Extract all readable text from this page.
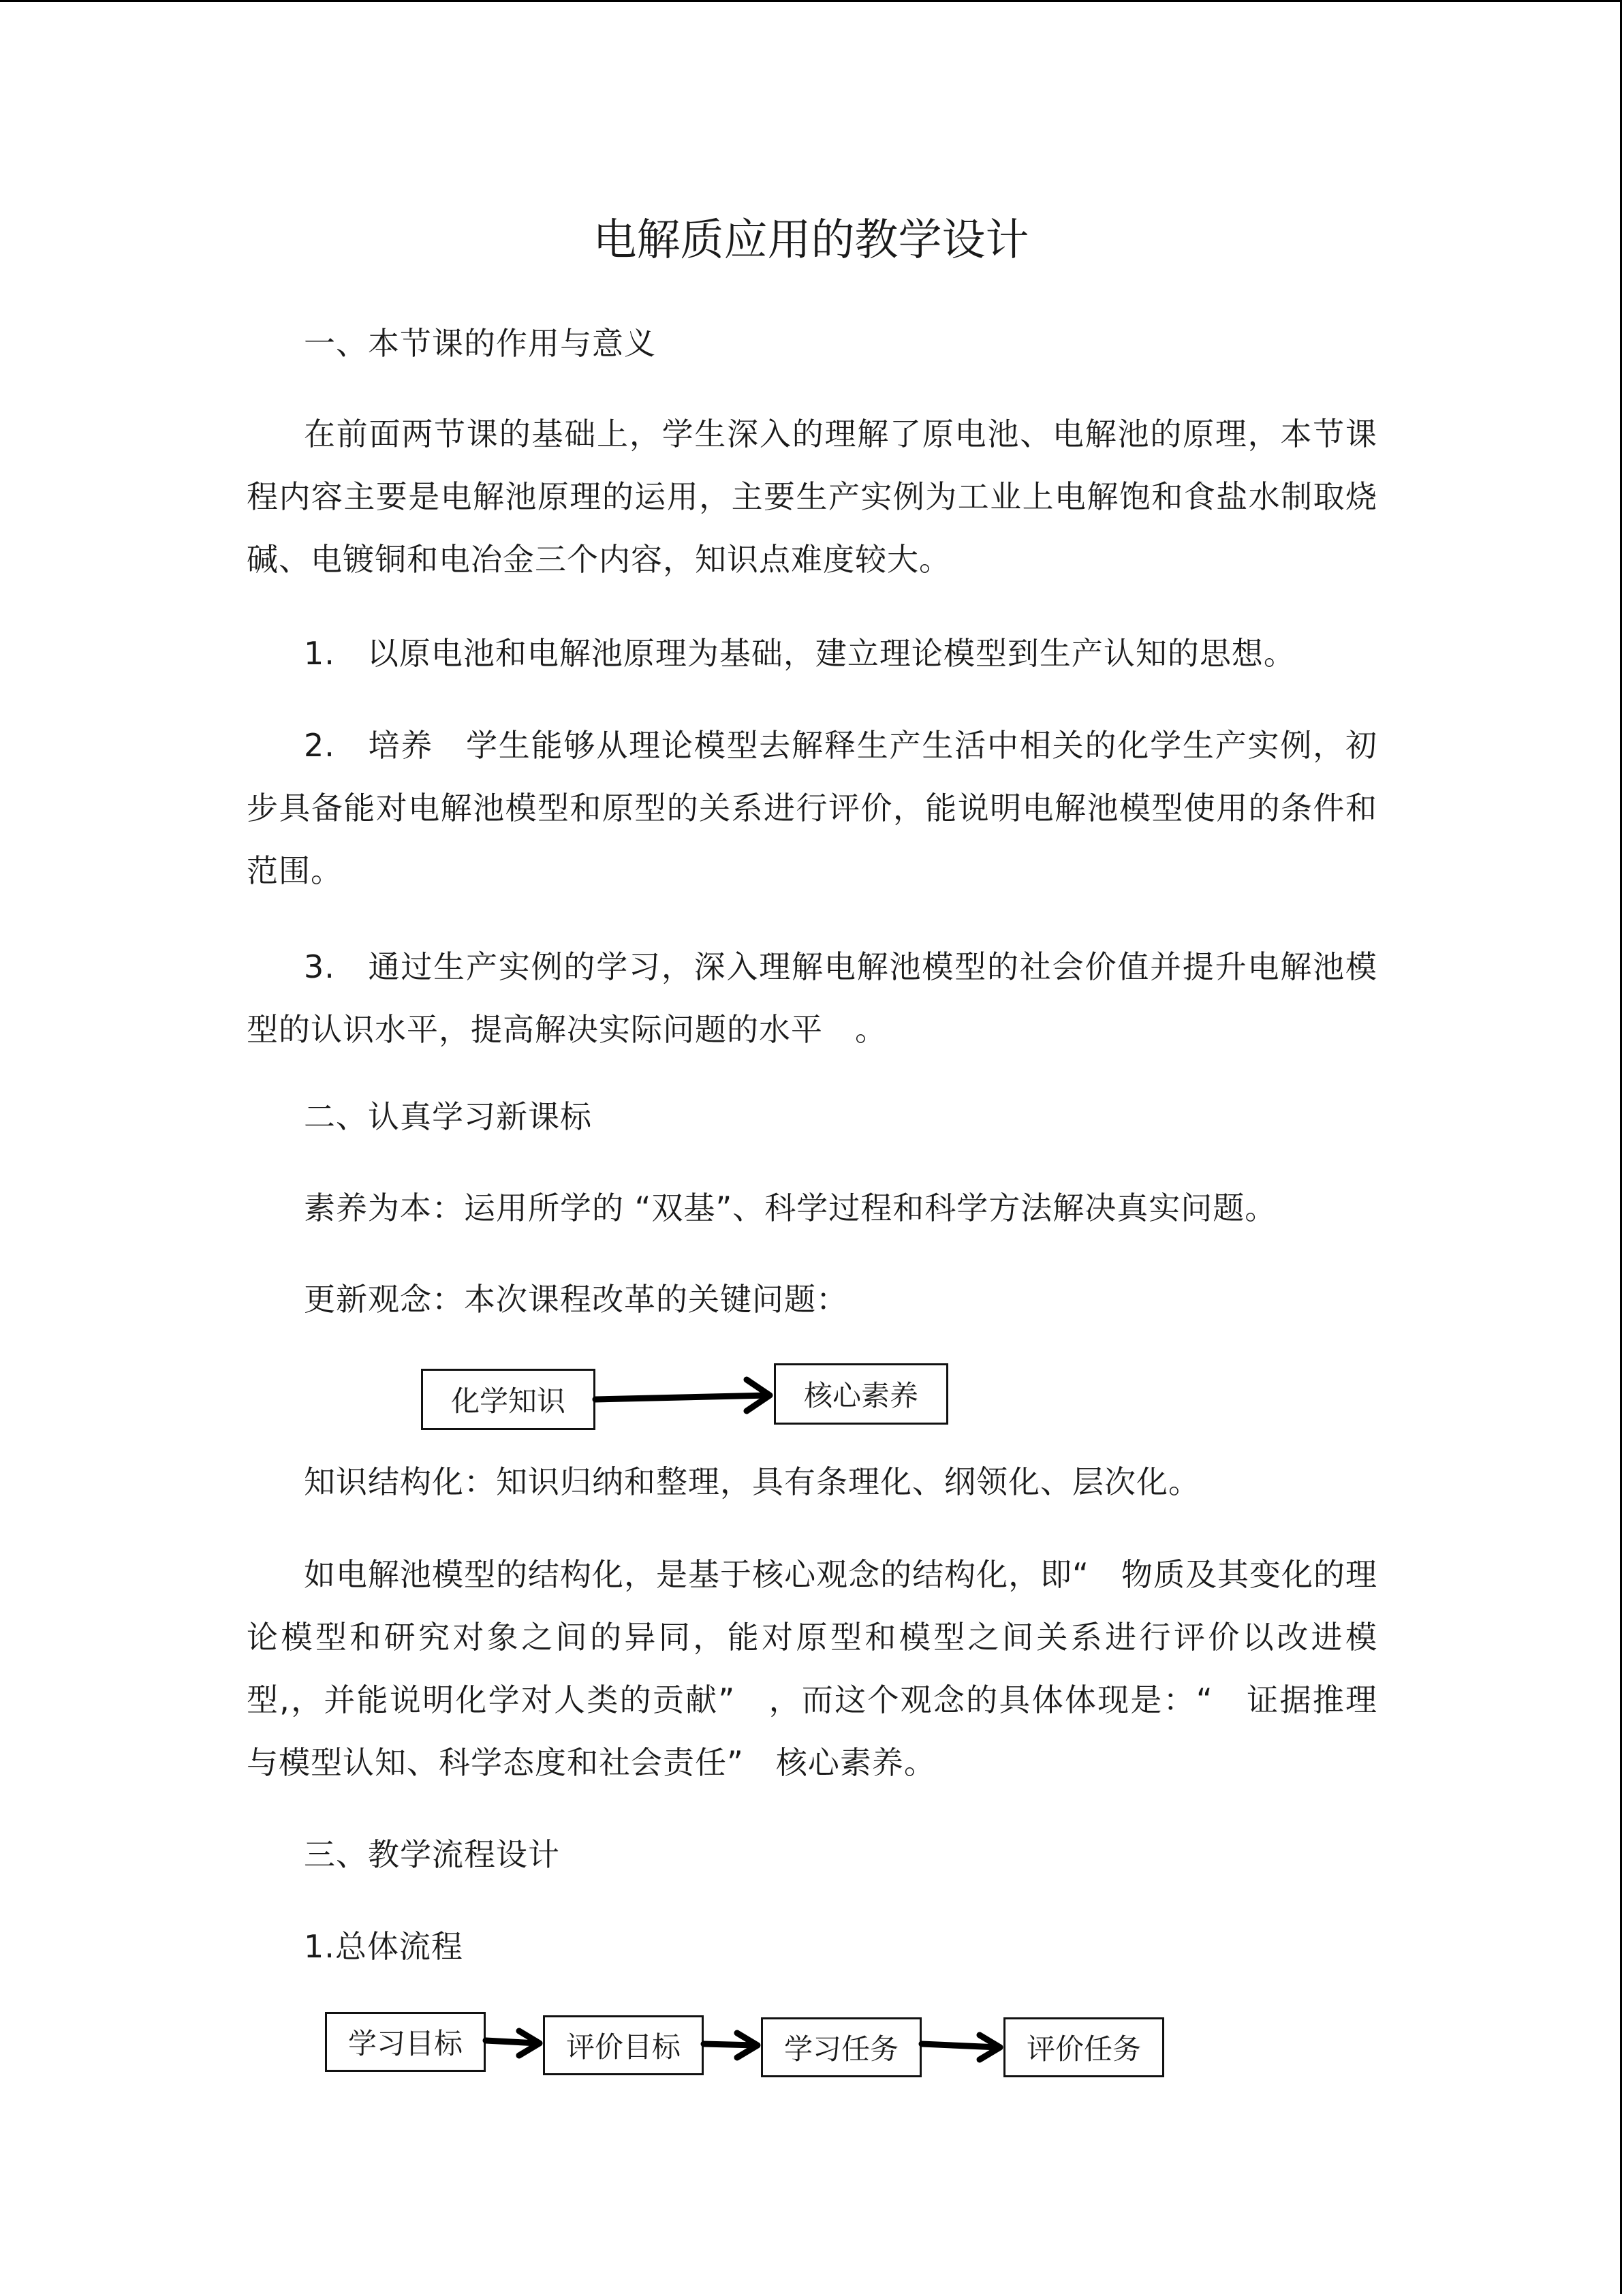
电解质应用的教学设计

一、本节课的作用与意义

在前面两节课的基础上，学生深入的理解了原电池、电解池的原理，本节课程内容主要是电解池原理的运用，主要生产实例为工业上电解饱和食盐水制取烧碱、电镀铜和电冶金三个内容，知识点难度较大。

1.　以原电池和电解池原理为基础，建立理论模型到生产认知的思想。

2.　培养　学生能够从理论模型去解释生产生活中相关的化学生产实例，初步具备能对电解池模型和原型的关系进行评价，能说明电解池模型使用的条件和范围。

3.　通过生产实例的学习，深入理解电解池模型的社会价值并提升电解池模型的认识水平，提高解决实际问题的水平　。

二、认真学习新课标

素养为本：运用所学的 “双基”、科学过程和科学方法解决真实问题。

更新观念：本次课程改革的关键问题：

化学知识	核心素养

知识结构化：知识归纳和整理，具有条理化、纲领化、层次化。

如电解池模型的结构化，是基于核心观念的结构化，即“　物质及其变化的理论模型和研究对象之间的异同，能对原型和模型之间关系进行评价以改进模型,，并能说明化学对人类的贡献”　，而这个观念的具体体现是：“　证据推理与模型认知、科学态度和社会责任”　核心素养。

三、教学流程设计

1.总体流程

学习目标	评价目标	学习任务	评价任务
